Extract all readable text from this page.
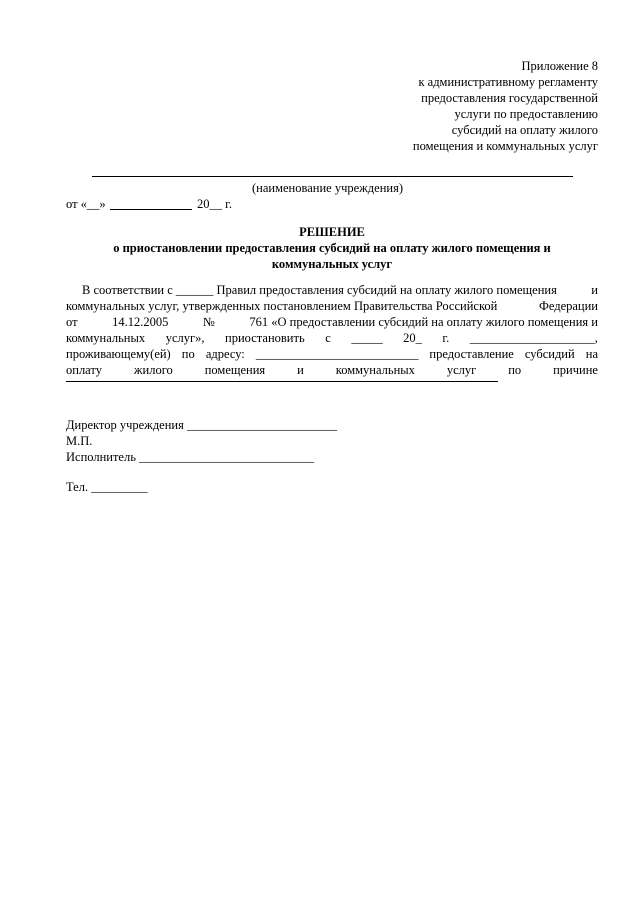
Приложение 8
к административному регламенту
предоставления государственной
услуги по предоставлению
субсидий на оплату жилого
помещения и коммунальных услуг
(наименование учреждения)
от «__»	20__ г.
РЕШЕНИЕ
о приостановлении предоставления субсидий на оплату жилого помещения и
коммунальных услуг
В соответствии с ______ Правил предоставления субсидий на оплату жилого помещения	и
коммунальных услуг, утвержденных постановлением Правительства Российской	Федерации
от	14.12.2005	№	761 «О предоставлении субсидий на оплату жилого помещения и
коммунальных услуг», приостановить с _____ 20_ г. ____________________,
проживающему(ей) по адресу: __________________________ предоставление субсидий на
оплату	жилого	помещения	и	коммунальных	услуг	по	причине
Директор учреждения ________________________
М.П.
Исполнитель ____________________________
Тел. _________
